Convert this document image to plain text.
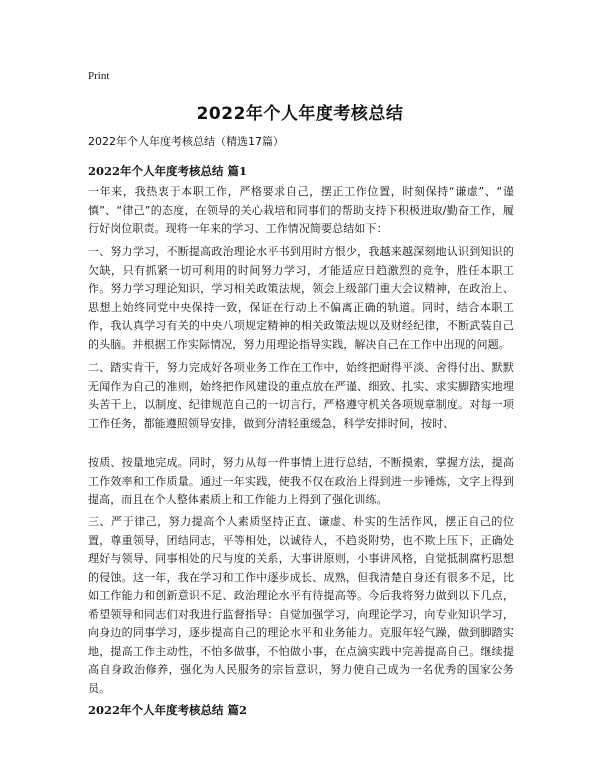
Print
2022年个人年度考核总结
2022年个人年度考核总结（精选17篇）
2022年个人年度考核总结 篇1
一年来，我热衷于本职工作，严格要求自己，摆正工作位置，时刻保持“谦虚”、“谨慎”、“律己”的态度，在领导的关心栽培和同事们的帮助支持下积极进取/勤奋工作，履行好岗位职责。现将一年来的学习、工作情况简要总结如下：
一、努力学习，不断提高政治理论水平书到用时方恨少，我越来越深刻地认识到知识的欠缺，只有抓紧一切可利用的时间努力学习，才能适应日趋激烈的竞争，胜任本职工作。努力学习理论知识，学习相关政策法规，领会上级部门重大会议精神，在政治上、思想上始终同党中央保持一致，保证在行动上不偏离正确的轨道。同时，结合本职工作，我认真学习有关的中央八项规定精神的相关政策法规以及财经纪律，不断武装自己的头脑。并根据工作实际情况，努力用理论指导实践，解决自己在工作中出现的问题。
二、踏实肯干，努力完成好各项业务工作在工作中，始终把耐得平淡、舍得付出、默默无闻作为自己的准则，始终把作风建设的重点放在严谨、细致、扎实、求实脚踏实地埋头苦干上，以制度、纪律规范自己的一切言行，严格遵守机关各项规章制度。对每一项工作任务，都能遵照领导安排，做到分清轻重缓急，科学安排时间，按时、
按质、按量地完成。同时，努力从每一件事情上进行总结，不断摸索，掌握方法，提高工作效率和工作质量。通过一年实践，使我不仅在政治上得到进一步锤炼，文字上得到提高，而且在个人整体素质上和工作能力上得到了强化训练。
三、严于律己，努力提高个人素质坚持正直、谦虚、朴实的生活作风，摆正自己的位置，尊重领导，团结同志，平等相处，以诚待人，不趋炎附势，也不欺上压下，正确处理好与领导、同事相处的尺与度的关系，大事讲原则，小事讲风格，自觉抵制腐朽思想的侵蚀。这一年，我在学习和工作中逐步成长、成熟，但我清楚自身还有很多不足，比如工作能力和创新意识不足、政治理论水平有待提高等。今后我将努力做到以下几点，希望领导和同志们对我进行监督指导：自觉加强学习，向理论学习，向专业知识学习，向身边的同事学习，逐步提高自己的理论水平和业务能力。克服年轻气躁，做到脚踏实地，提高工作主动性，不怕多做事，不怕做小事，在点滴实践中完善提高自己。继续提高自身政治修养，强化为人民服务的宗旨意识，努力使自己成为一名优秀的国家公务员。
2022年个人年度考核总结 篇2
